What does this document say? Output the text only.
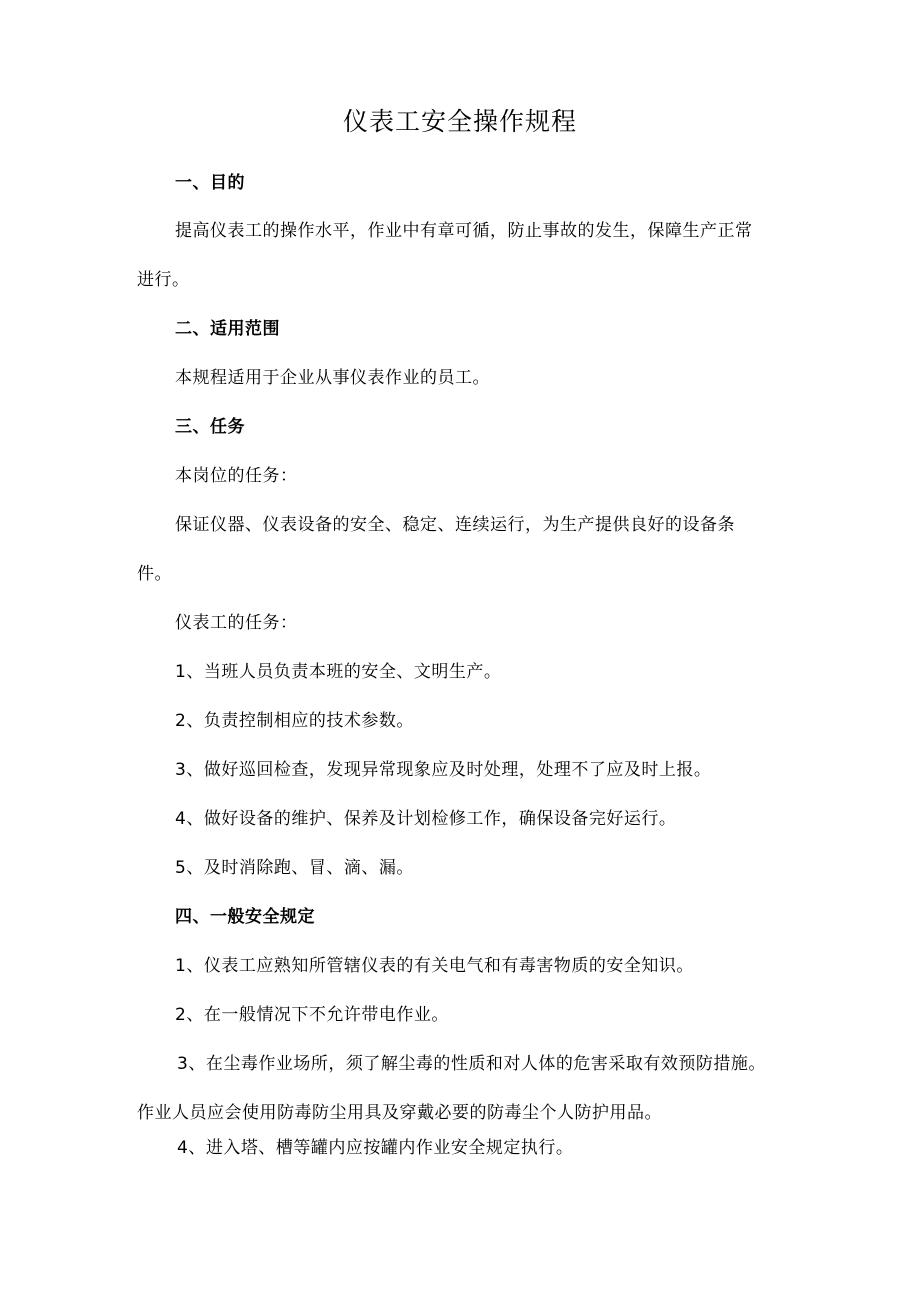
仪表工安全操作规程
一、目的
提高仪表工的操作水平，作业中有章可循，防止事故的发生，保障生产正常
进行。
二、适用范围
本规程适用于企业从事仪表作业的员工。
三、任务
本岗位的任务：
保证仪器、仪表设备的安全、稳定、连续运行，为生产提供良好的设备条
件。
仪表工的任务：
1、当班人员负责本班的安全、文明生产。
2、负责控制相应的技术参数。
3、做好巡回检查，发现异常现象应及时处理，处理不了应及时上报。
4、做好设备的维护、保养及计划检修工作，确保设备完好运行。
5、及时消除跑、冒、滴、漏。
四、一般安全规定
1、仪表工应熟知所管辖仪表的有关电气和有毒害物质的安全知识。
2、在一般情况下不允许带电作业。
3、在尘毒作业场所，须了解尘毒的性质和对人体的危害采取有效预防措施。
作业人员应会使用防毒防尘用具及穿戴必要的防毒尘个人防护用品。
4、进入塔、槽等罐内应按罐内作业安全规定执行。
